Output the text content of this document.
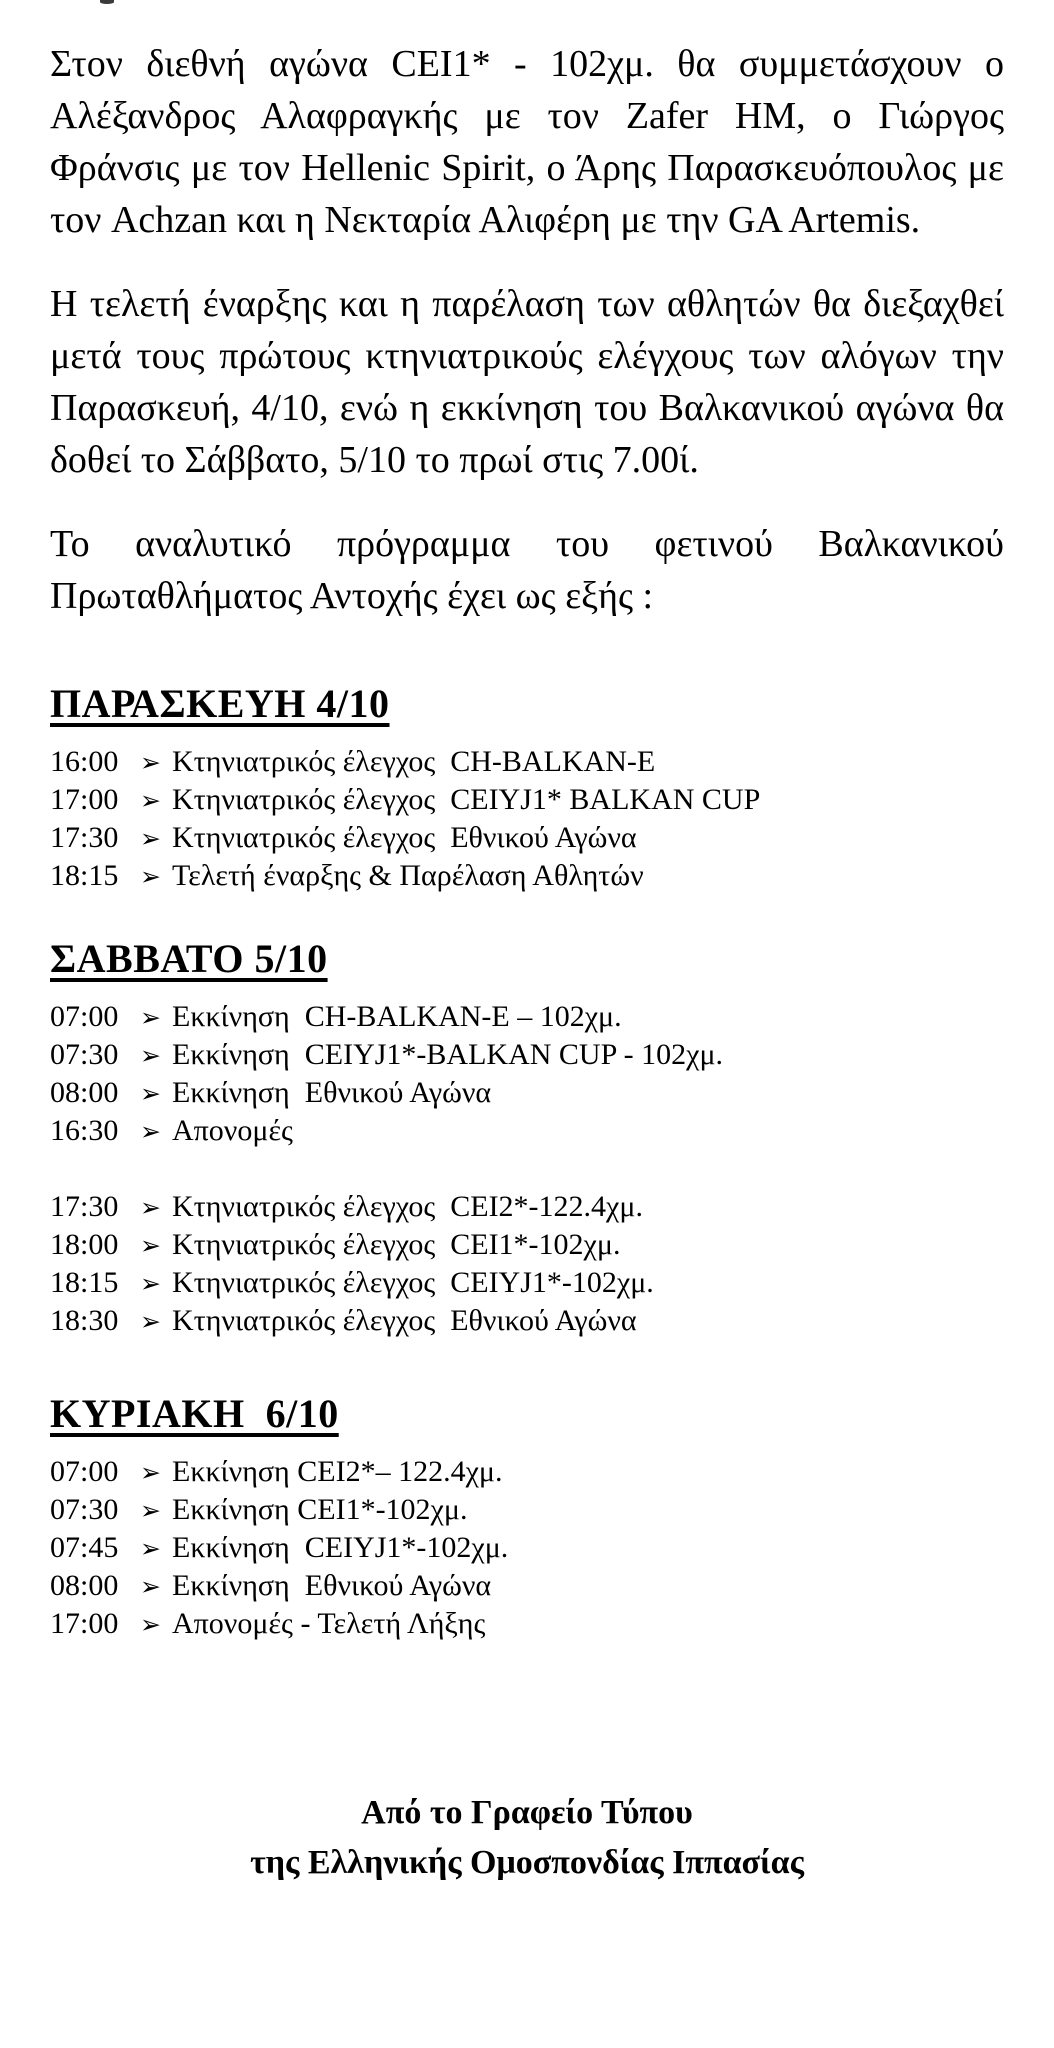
Στον διεθνή αγώνα CEI1* - 102χμ. θα συμμετάσχουν ο Αλέξανδρος Αλαφραγκής με τον Zafer HM, ο Γιώργος Φράνσις με τον Hellenic Spirit, ο Άρης Παρασκευόπουλος με τον Achzan και η Νεκταρία Αλιφέρη με την GA Artemis.

Η τελετή έναρξης και η παρέλαση των αθλητών θα διεξαχθεί μετά τους πρώτους κτηνιατρικούς ελέγχους των αλόγων την Παρασκευή, 4/10, ενώ η εκκίνηση του Βαλκανικού αγώνα θα δοθεί το Σάββατο, 5/10 το πρωί στις 7.00ί.

Το αναλυτικό πρόγραμμα του φετινού Βαλκανικού Πρωταθλήματος Αντοχής έχει ως εξής :

ΠΑΡΑΣΚΕΥΗ 4/10
16:00 ➢ Κτηνιατρικός έλεγχος  CH-BALKAN-E
17:00 ➢ Κτηνιατρικός έλεγχος  CEIYJ1* BALKAN CUP
17:30 ➢ Κτηνιατρικός έλεγχος  Εθνικού Αγώνα
18:15 ➢ Τελετή έναρξης & Παρέλαση Αθλητών
ΣΑΒΒΑΤΟ 5/10
07:00 ➢ Εκκίνηση  CH-BALKAN-E – 102χμ.
07:30 ➢ Εκκίνηση  CEIYJ1*-BALKAN CUP - 102χμ.
08:00 ➢ Εκκίνηση  Εθνικού Αγώνα
16:30 ➢ Απονομές
17:30 ➢ Κτηνιατρικός έλεγχος  CEI2*-122.4χμ.
18:00 ➢ Κτηνιατρικός έλεγχος  CEI1*-102χμ.
18:15 ➢ Κτηνιατρικός έλεγχος  CEIYJ1*-102χμ.
18:30 ➢ Κτηνιατρικός έλεγχος  Εθνικού Αγώνα
ΚΥΡΙΑΚΗ  6/10
07:00 ➢ Εκκίνηση CEI2*– 122.4χμ.
07:30 ➢ Εκκίνηση CEI1*-102χμ.
07:45 ➢ Εκκίνηση  CEIYJ1*-102χμ.
08:00 ➢ Εκκίνηση  Εθνικού Αγώνα
17:00 ➢ Απονομές - Τελετή Λήξης
Από το Γραφείο Τύπου
της Ελληνικής Ομοσπονδίας Ιππασίας
